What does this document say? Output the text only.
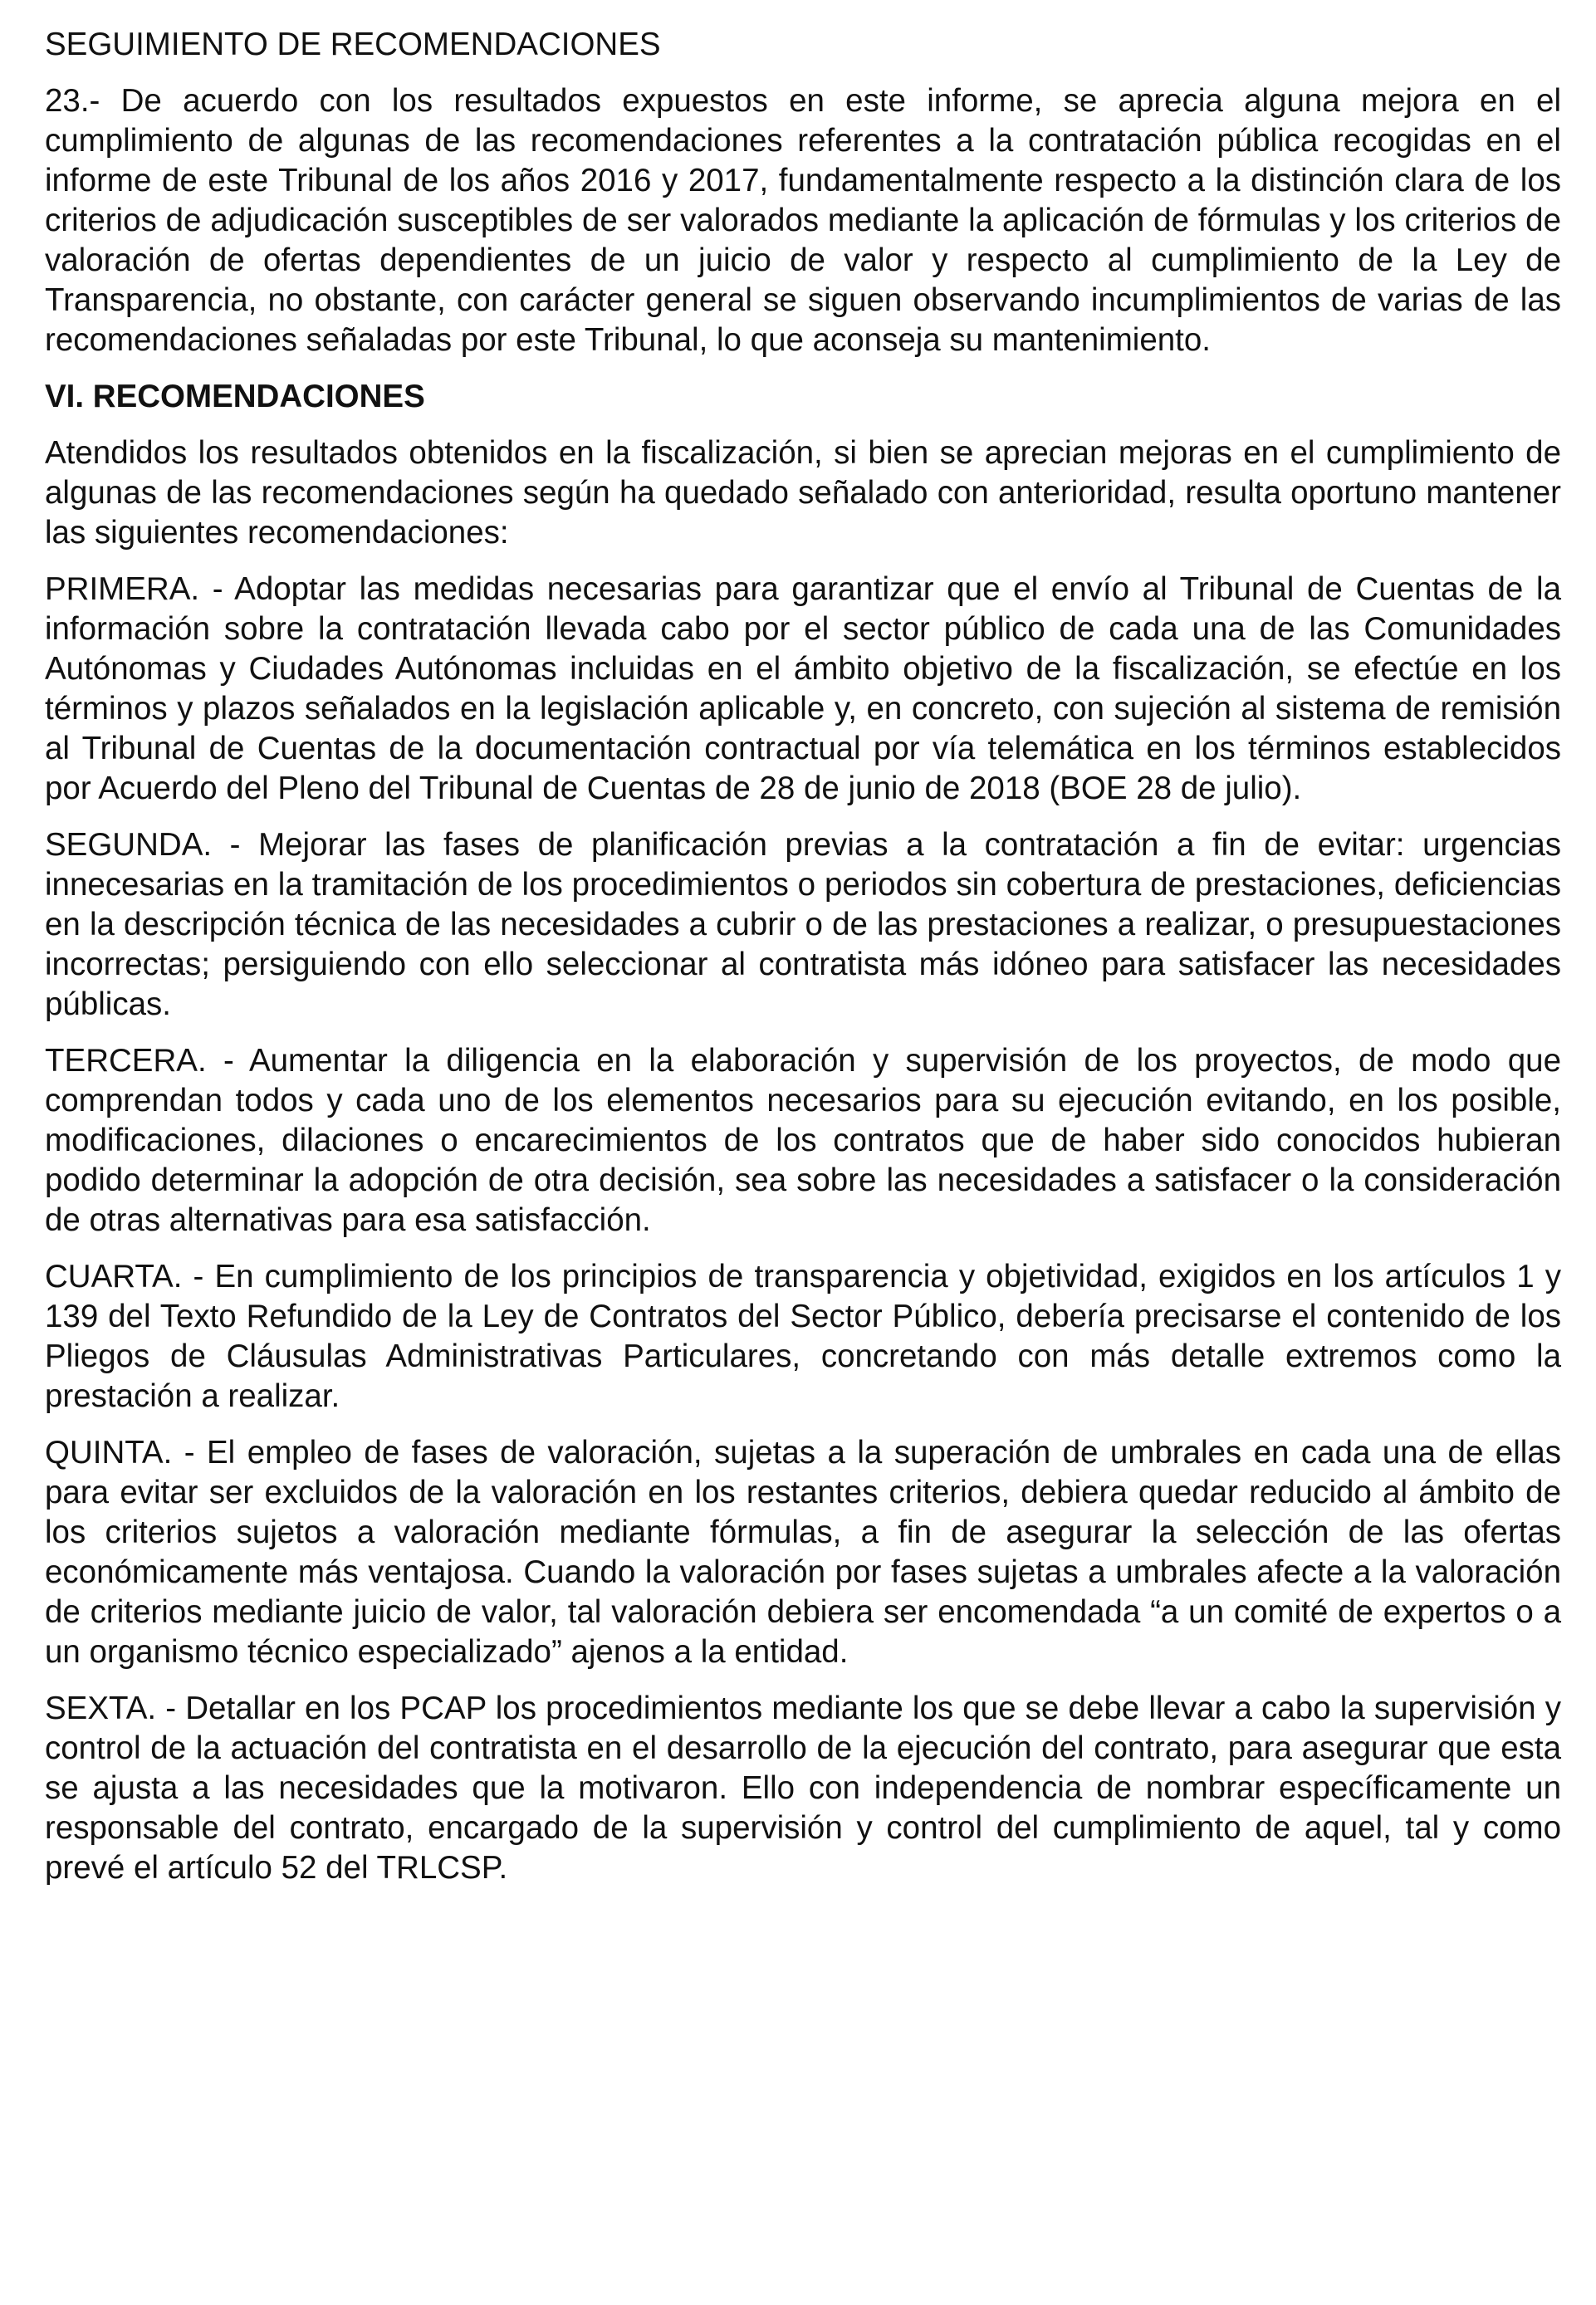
SEGUIMIENTO DE RECOMENDACIONES

23.- De acuerdo con los resultados expuestos en este informe, se aprecia alguna mejora en el cumplimiento de algunas de las recomendaciones referentes a la contratación pública recogidas en el informe de este Tribunal de los años 2016 y 2017, fundamentalmente respecto a la distinción clara de los criterios de adjudicación susceptibles de ser valorados mediante la aplicación de fórmulas y los criterios de valoración de ofertas dependientes de un juicio de valor y respecto al cumplimiento de la Ley de Transparencia, no obstante, con carácter general se siguen observando incumplimientos de varias de las recomendaciones señaladas por este Tribunal, lo que aconseja su mantenimiento.

VI. RECOMENDACIONES

Atendidos los resultados obtenidos en la fiscalización, si bien se aprecian mejoras en el cumplimiento de algunas de las recomendaciones según ha quedado señalado con anterioridad, resulta oportuno mantener las siguientes recomendaciones:

PRIMERA. - Adoptar las medidas necesarias para garantizar que el envío al Tribunal de Cuentas de la información sobre la contratación llevada cabo por el sector público de cada una de las Comunidades Autónomas y Ciudades Autónomas incluidas en el ámbito objetivo de la fiscalización, se efectúe en los términos y plazos señalados en la legislación aplicable y, en concreto, con sujeción al sistema de remisión al Tribunal de Cuentas de la documentación contractual por vía telemática en los términos establecidos por Acuerdo del Pleno del Tribunal de Cuentas de 28 de junio de 2018 (BOE 28 de julio).

SEGUNDA. - Mejorar las fases de planificación previas a la contratación a fin de evitar: urgencias innecesarias en la tramitación de los procedimientos o periodos sin cobertura de prestaciones, deficiencias en la descripción técnica de las necesidades a cubrir o de las prestaciones a realizar, o presupuestaciones incorrectas; persiguiendo con ello seleccionar al contratista más idóneo para satisfacer las necesidades públicas.

TERCERA. - Aumentar la diligencia en la elaboración y supervisión de los proyectos, de modo que comprendan todos y cada uno de los elementos necesarios para su ejecución evitando, en los posible, modificaciones, dilaciones o encarecimientos de los contratos que de haber sido conocidos hubieran podido determinar la adopción de otra decisión, sea sobre las necesidades a satisfacer o la consideración de otras alternativas para esa satisfacción.

CUARTA. - En cumplimiento de los principios de transparencia y objetividad, exigidos en los artículos 1 y 139 del Texto Refundido de la Ley de Contratos del Sector Público, debería precisarse el contenido de los Pliegos de Cláusulas Administrativas Particulares, concretando con más detalle extremos como la prestación a realizar.

QUINTA. - El empleo de fases de valoración, sujetas a la superación de umbrales en cada una de ellas para evitar ser excluidos de la valoración en los restantes criterios, debiera quedar reducido al ámbito de los criterios sujetos a valoración mediante fórmulas, a fin de asegurar la selección de las ofertas económicamente más ventajosa. Cuando la valoración por fases sujetas a umbrales afecte a la valoración de criterios mediante juicio de valor, tal valoración debiera ser encomendada “a un comité de expertos o a un organismo técnico especializado” ajenos a la entidad.

SEXTA. - Detallar en los PCAP los procedimientos mediante los que se debe llevar a cabo la supervisión y control de la actuación del contratista en el desarrollo de la ejecución del contrato, para asegurar que esta se ajusta a las necesidades que la motivaron. Ello con independencia de nombrar específicamente un responsable del contrato, encargado de la supervisión y control del cumplimiento de aquel, tal y como prevé el artículo 52 del TRLCSP.
